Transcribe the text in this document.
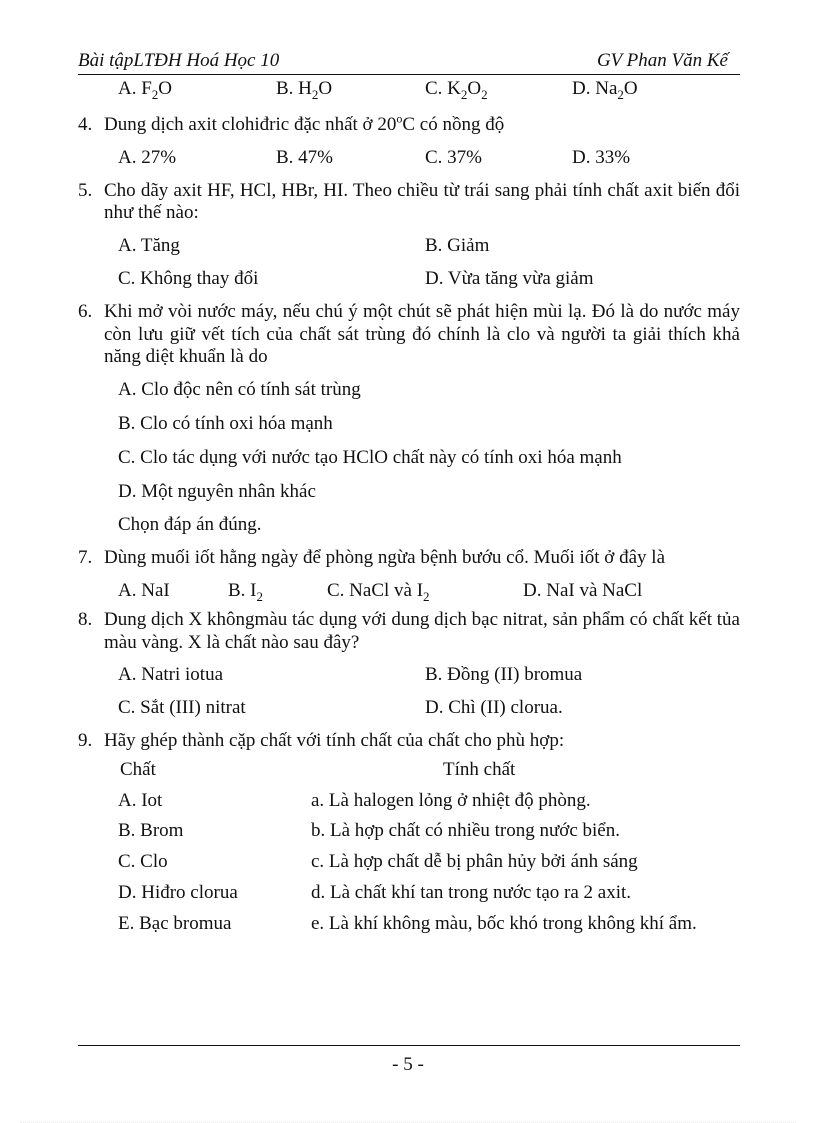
Bài tậpLTĐH Hoá Học 10	GV Phan Văn Kế
A. $F_2O$	B. $H_2O$	C. $K_2O_2$	D. $Na_2O$
4. Dung dịch axit clohiđric đặc nhất ở 20$^o$C có nồng độ
A. 27%	B. 47%	C. 37%	D. 33%
5. Cho dãy axit HF, HCl, HBr, HI. Theo chiều từ trái sang phải tính chất axit biến đổi như thế nào:
A. Tăng	B. Giảm
C. Không thay đổi	D. Vừa tăng vừa giảm
6. Khi mở vòi nước máy, nếu chú ý một chút sẽ phát hiện mùi lạ. Đó là do nước máy còn lưu giữ vết tích của chất sát trùng đó chính là clo và người ta giải thích khả năng diệt khuẩn là do
A. Clo độc nên có tính sát trùng
B. Clo có tính oxi hóa mạnh
C. Clo tác dụng với nước tạo HClO chất này có tính oxi hóa mạnh
D. Một nguyên nhân khác
Chọn đáp án đúng.
7. Dùng muối iốt hằng ngày để phòng ngừa bệnh bướu cổ. Muối iốt ở đây là
A. NaI	B. $I_2$	C. NaCl và $I_2$	D. NaI và NaCl
8. Dung dịch X khôngmàu tác dụng với dung dịch bạc nitrat, sản phẩm có chất kết tủa màu vàng. X là chất nào sau đây?
A. Natri iotua	B. Đồng (II) bromua
C. Sắt (III) nitrat	D. Chì (II) clorua.
9. Hãy ghép thành cặp chất với tính chất của chất cho phù hợp:
Chất	Tính chất
A. Iot	a. Là halogen lỏng ở nhiệt độ phòng.
B. Brom	b. Là hợp chất có nhiều trong nước biển.
C. Clo	c. Là hợp chất dễ bị phân hủy bởi ánh sáng
D. Hiđro clorua	d. Là chất khí tan trong nước tạo ra 2 axit.
E. Bạc bromua	e. Là khí không màu, bốc khó trong không khí ẩm.
- 5 -
